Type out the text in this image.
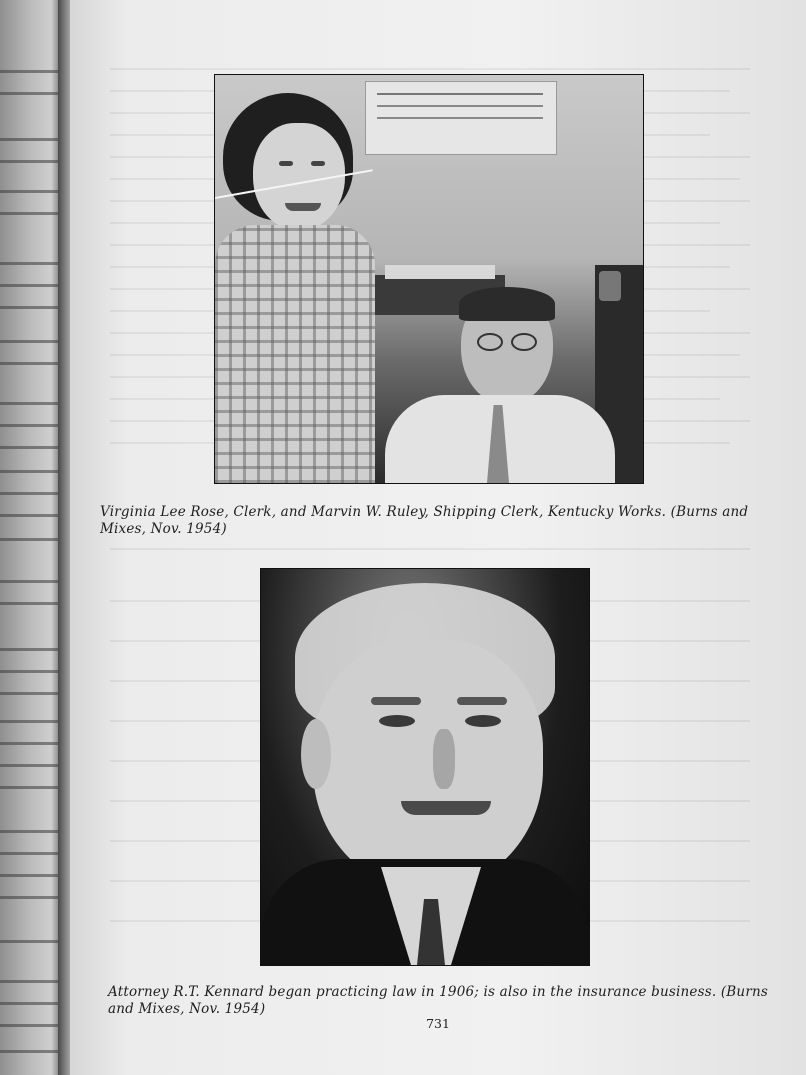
Virginia Lee Rose, Clerk, and Marvin W. Ruley, Shipping Clerk, Kentucky Works. (Burns and Mixes, Nov. 1954)
Attorney R.T. Kennard began practicing law in 1906; is also in the insurance business. (Burns and Mixes, Nov. 1954)
731
